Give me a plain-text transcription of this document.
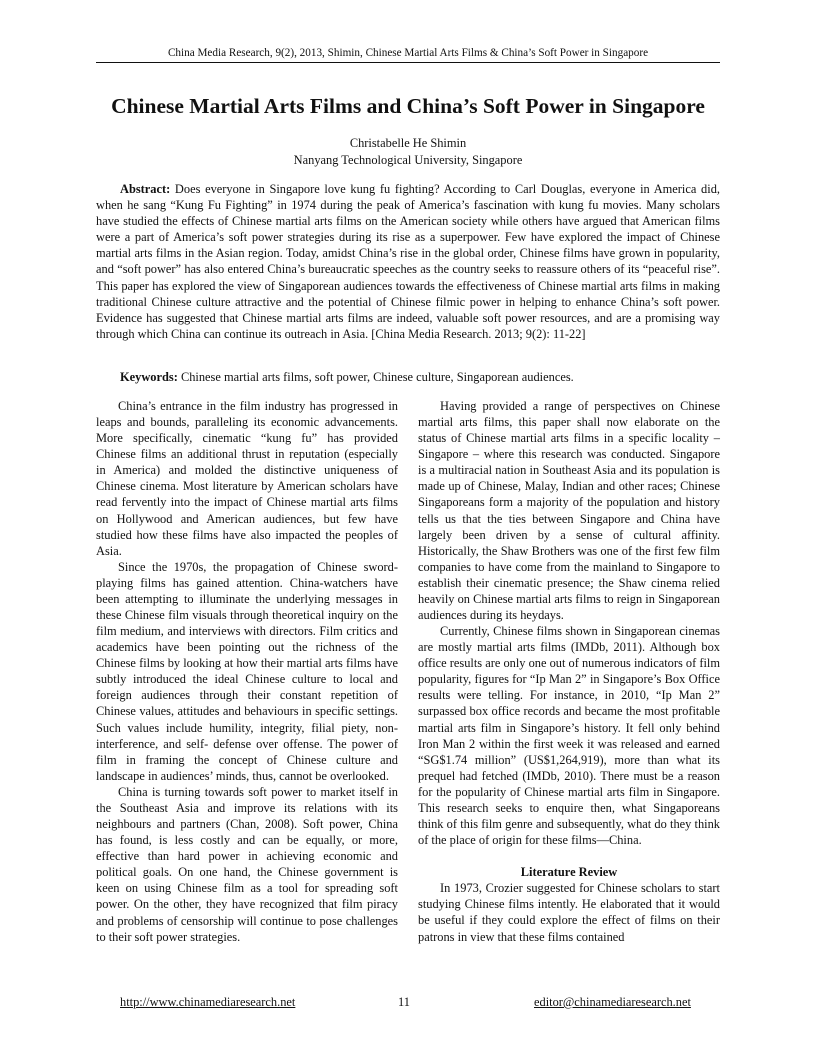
China Media Research, 9(2), 2013, Shimin, Chinese Martial Arts Films & China’s Soft Power in Singapore
Chinese Martial Arts Films and China’s Soft Power in Singapore
Christabelle He Shimin
Nanyang Technological University, Singapore

Abstract: Does everyone in Singapore love kung fu fighting? According to Carl Douglas, everyone in America did, when he sang “Kung Fu Fighting” in 1974 during the peak of America’s fascination with kung fu movies. Many scholars have studied the effects of Chinese martial arts films on the American society while others have argued that American films were a part of America’s soft power strategies during its rise as a superpower. Few have explored the impact of Chinese martial arts films in the Asian region. Today, amidst China’s rise in the global order, Chinese films have grown in popularity, and “soft power” has also entered China’s bureaucratic speeches as the country seeks to reassure others of its “peaceful rise”. This paper has explored the view of Singaporean audiences towards the effectiveness of Chinese martial arts films in making traditional Chinese culture attractive and the potential of Chinese filmic power in helping to enhance China’s soft power. Evidence has suggested that Chinese martial arts films are indeed, valuable soft power resources, and are a promising way through which China can continue its outreach in Asia. [China Media Research. 2013; 9(2): 11-22]

Keywords: Chinese martial arts films, soft power, Chinese culture, Singaporean audiences.

China’s entrance in the film industry has progressed in leaps and bounds, paralleling its economic advancements. More specifically, cinematic “kung fu” has provided Chinese films an additional thrust in reputation (especially in America) and molded the distinctive uniqueness of Chinese cinema. Most literature by American scholars have read fervently into the impact of Chinese martial arts films on Hollywood and American audiences, but few have studied how these films have also impacted the peoples of Asia.

Since the 1970s, the propagation of Chinese sword-playing films has gained attention. China-watchers have been attempting to illuminate the underlying messages in these Chinese film visuals through theoretical inquiry on the film medium, and interviews with directors. Film critics and academics have been pointing out the richness of the Chinese films by looking at how their martial arts films have subtly introduced the ideal Chinese culture to local and foreign audiences through their constant repetition of Chinese values, attitudes and behaviours in specific settings. Such values include humility, integrity, filial piety, non-interference, and self- defense over offense. The power of film in framing the concept of Chinese culture and landscape in audiences’ minds, thus, cannot be overlooked.

China is turning towards soft power to market itself in the Southeast Asia and improve its relations with its neighbours and partners (Chan, 2008). Soft power, China has found, is less costly and can be equally, or more, effective than hard power in achieving economic and political goals. On one hand, the Chinese government is keen on using Chinese film as a tool for spreading soft power. On the other, they have recognized that film piracy and problems of censorship will continue to pose challenges to their soft power strategies.

Having provided a range of perspectives on Chinese martial arts films, this paper shall now elaborate on the status of Chinese martial arts films in a specific locality – Singapore – where this research was conducted. Singapore is a multiracial nation in Southeast Asia and its population is made up of Chinese, Malay, Indian and other races; Chinese Singaporeans form a majority of the population and history tells us that the ties between Singapore and China have largely been driven by a sense of cultural affinity. Historically, the Shaw Brothers was one of the first few film companies to have come from the mainland to Singapore to establish their cinematic presence; the Shaw cinema relied heavily on Chinese martial arts films to reign in Singaporean audiences during its heydays.

Currently, Chinese films shown in Singaporean cinemas are mostly martial arts films (IMDb, 2011). Although box office results are only one out of numerous indicators of film popularity, figures for “Ip Man 2” in Singapore’s Box Office results were telling. For instance, in 2010, “Ip Man 2” surpassed box office records and became the most profitable martial arts film in Singapore’s history. It fell only behind Iron Man 2 within the first week it was released and earned “SG$1.74 million” (US$1,264,919), more than what its prequel had fetched (IMDb, 2010). There must be a reason for the popularity of Chinese martial arts film in Singapore. This research seeks to enquire then, what Singaporeans think of this film genre and subsequently, what do they think of the place of origin for these films—China.

Literature Review

In 1973, Crozier suggested for Chinese scholars to start studying Chinese films intently. He elaborated that it would be useful if they could explore the effect of films on their patrons in view that these films contained

http://www.chinamediaresearch.net	11	editor@chinamediaresearch.net
